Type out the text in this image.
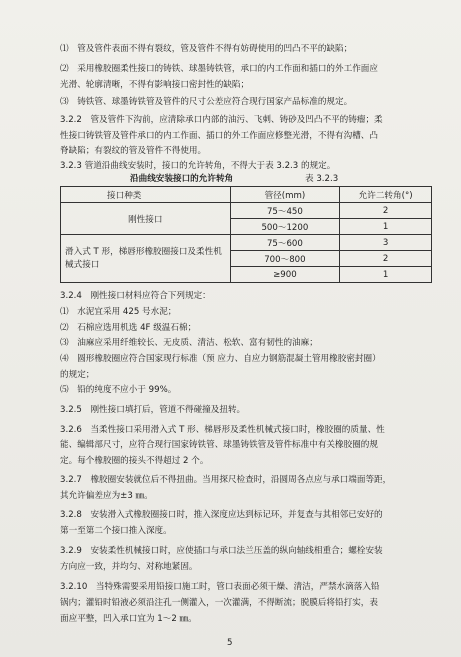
⑴　管及管件表面不得有裂纹，管及管件不得有妨碍使用的凹凸不平的缺陷；

⑵　采用橡胶圈柔性接口的铸铁、球墨铸铁管，承口的内工作面和插口的外工作面应

光滑、轮廓清晰，不得有影响接口密封性的缺陷；

⑶　铸铁管、球墨铸铁管及管件的尺寸公差应符合现行国家产品标准的规定。

3.2.2　管及管件下沟前，应清除承口内部的油污、飞刺、铸砂及凹凸不平的铸瘤；柔

性接口铸铁管及管件承口的内工作面、插口的外工作面应修整光滑，不得有沟槽、凸

脊缺陷；有裂纹的管及管件不得使用。

3.2.3 管道沿曲线安装时，接口的允许转角，不得大于表 3.2.3 的规定。

沿曲线安装接口的允许转角	表 3.2.3
接口种类	管径(mm)	允许二转角(°)
刚性接口	75～450	2
	500～1200	1
滑入式 T 形，梯唇形橡胶圈接口及柔性机械式接口	75～600	3
	700～800	2
	≥900	1

3.2.4　刚性接口材料应符合下列规定：

⑴　水泥宜采用 425 号水泥；

⑵　石棉应选用机选 4F 级温石棉；

⑶　油麻应采用纤维较长、无皮质、清洁、松软、富有韧性的油麻；

⑷　圆形橡胶圈应符合国家现行标准（预 应力、自应力钢筋混凝土管用橡胶密封圈）

的规定；

⑸　铅的纯度不应小于 99%。

3.2.5　刚性接口填打后，管道不得碰撞及扭转。

3.2.6　当柔性接口采用滑入式 T 形、梯唇形及柔性机械式接口时，橡胶圈的质量、性

能、编辑部尺寸，应符合现行国家铸铁管、球墨铸铁管及管件标准中有关橡胶圈的规

定。每个橡胶圈的接头不得超过 2 个。

3.2.7　橡胶圈安装就位后不得扭曲。当用探尺检查时，沿圆周各点应与承口端面等距，

其允许偏差应为±3 ㎜。

3.2.8　安装滑入式橡胶圈接口时，推入深度应达到标记环，并复查与其相邻已安好的

第一至第二个接口推入深度。

3.2.9　安装柔性机械接口时，应使插口与承口法兰压盖的纵向轴线相重合；螺栓安装

方向应一致，并均匀、对称地紧固。

3.2.10　当特殊需要采用铅接口施工时，管口表面必须干燥、清洁，严禁水滴落入铅

锅内；灌铅时铅液必须沿注孔一侧灌入，一次灌满，不得断流；脱膜后将铅打实，表

面应平整，凹入承口宜为 1～2 ㎜。

5
